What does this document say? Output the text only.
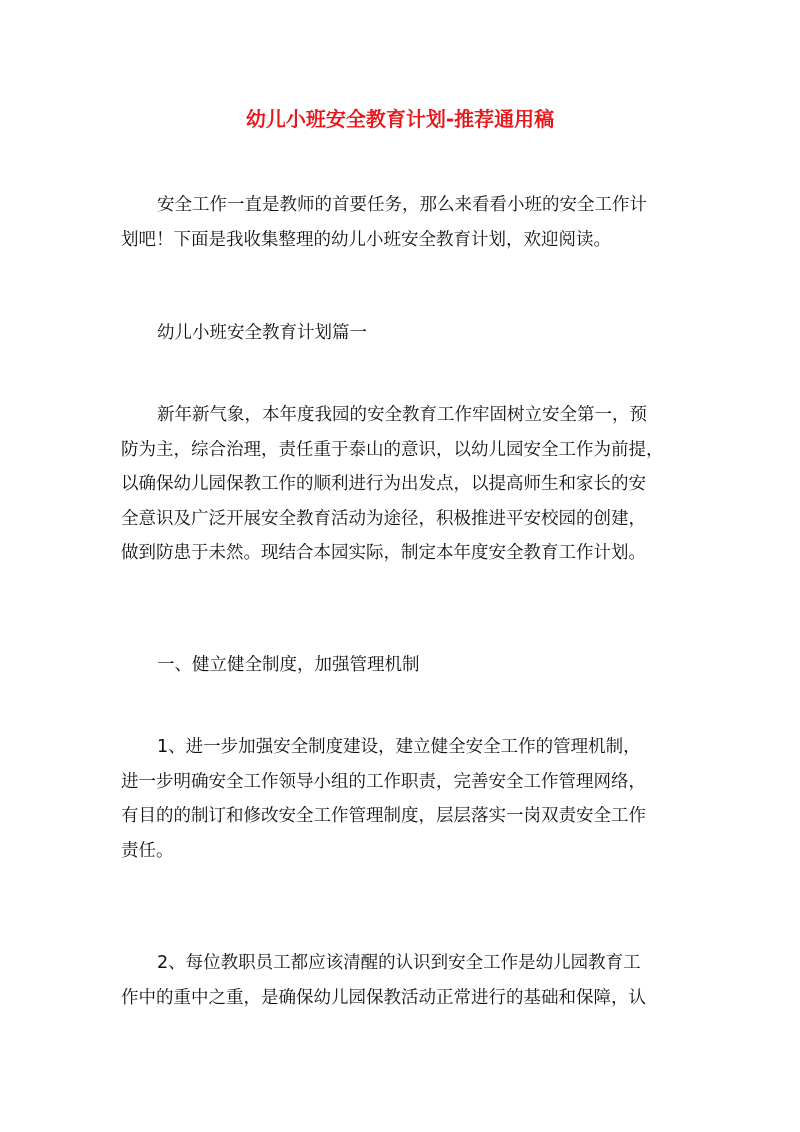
幼儿小班安全教育计划-推荐通用稿

安全工作一直是教师的首要任务，那么来看看小班的安全工作计
划吧！下面是我收集整理的幼儿小班安全教育计划，欢迎阅读。

幼儿小班安全教育计划篇一

新年新气象，本年度我园的安全教育工作牢固树立安全第一，预
防为主，综合治理，责任重于泰山的意识，以幼儿园安全工作为前提，
以确保幼儿园保教工作的顺利进行为出发点，以提高师生和家长的安
全意识及广泛开展安全教育活动为途径，积极推进平安校园的创建，
做到防患于未然。现结合本园实际，制定本年度安全教育工作计划。

一、健立健全制度，加强管理机制

1、进一步加强安全制度建设，建立健全安全工作的管理机制，
进一步明确安全工作领导小组的工作职责，完善安全工作管理网络，
有目的的制订和修改安全工作管理制度，层层落实一岗双责安全工作
责任。

2、每位教职员工都应该清醒的认识到安全工作是幼儿园教育工
作中的重中之重，是确保幼儿园保教活动正常进行的基础和保障，认
